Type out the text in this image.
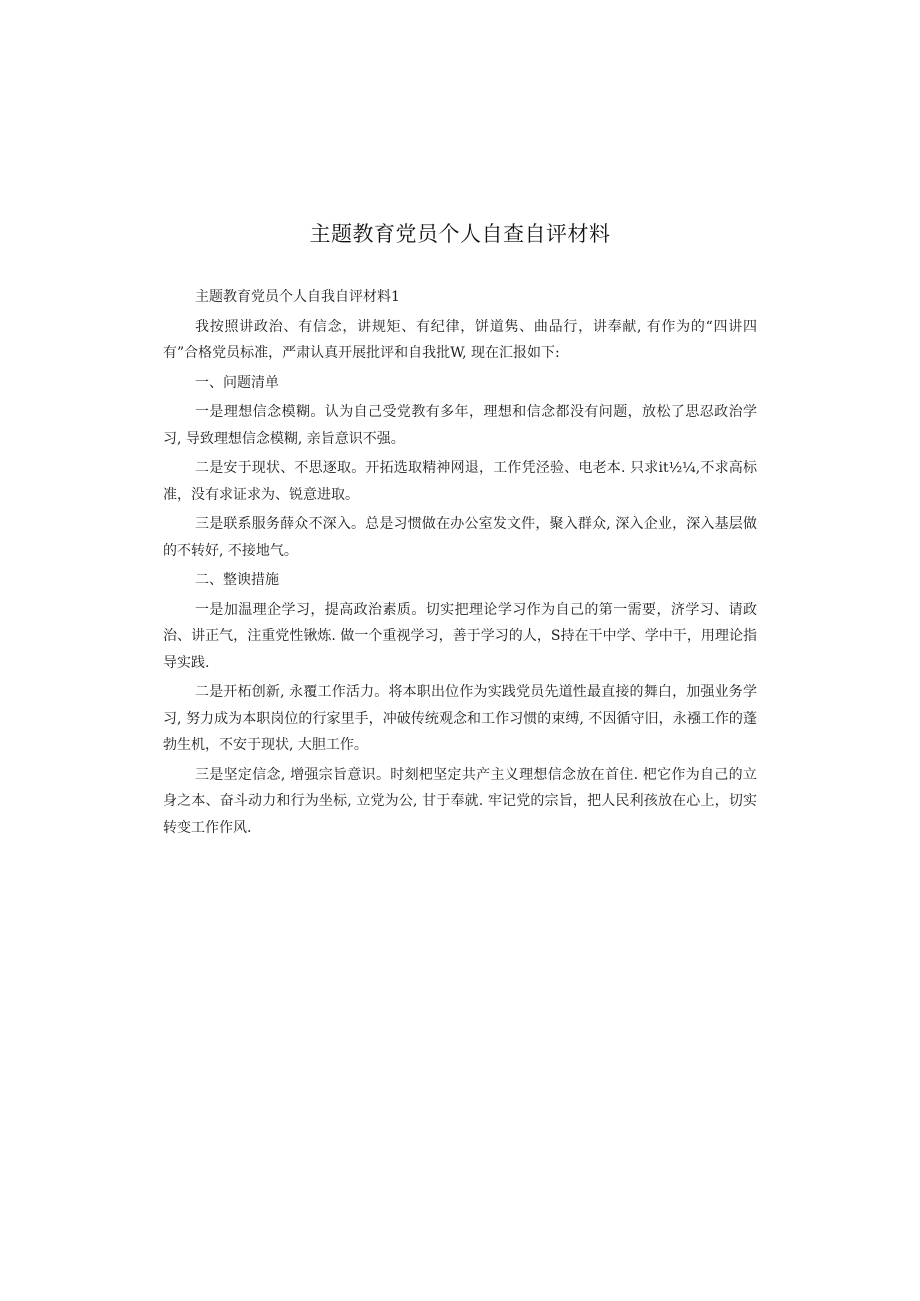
主题教育党员个人自查自评材料

主题教育党员个人自我自评材料1

我按照讲政治、有信念，讲规矩、有纪律，饼道隽、曲品行，讲奉献, 有作为的“四讲四有”合格党员标准，严肃认真开展批评和自我批W, 现在汇报如下:

一、问题清单

一是理想信念模糊。认为自己受党教有多年，理想和信念都没有问题，放松了思忍政治学习, 导致理想信念模糊, 亲旨意识不强。

二是安于现状、不思逐取。开拓选取精神网退，工作凭泾验、电老本. 只求it½¼,不求高标准，没有求证求为、锐意进取。

三是联系服务薛众不深入。总是习惯做在办公室发文件，聚入群众, 深入企业，深入基层做的不转好, 不接地气。

二、整谀措施

一是加温理企学习，提高政治素质。切实把理论学习作为自己的第一需要，济学习、请政治、讲正气，注重党性锹炼. 做一个重视学习，善于学习的人，S持在干中学、学中干，用理论指导实践.

二是开柘创新, 永覆工作活力。将本职出位作为实践党员先道性最直接的舞白，加强业务学习, 努力成为本职岗位的行家里手，冲破传统观念和工作习惯的束缚, 不因循守旧，永襁工作的蓬勃生机，不安于现状, 大胆工作。

三是坚定信念, 增强宗旨意识。时刻杷坚定共产主义理想信念放在首住. 杷它作为自己的立身之本、奋斗动力和行为坐标, 立党为公, 甘于奉就. 牢记党的宗旨，把人民利孩放在心上，切实转变工作作风.
